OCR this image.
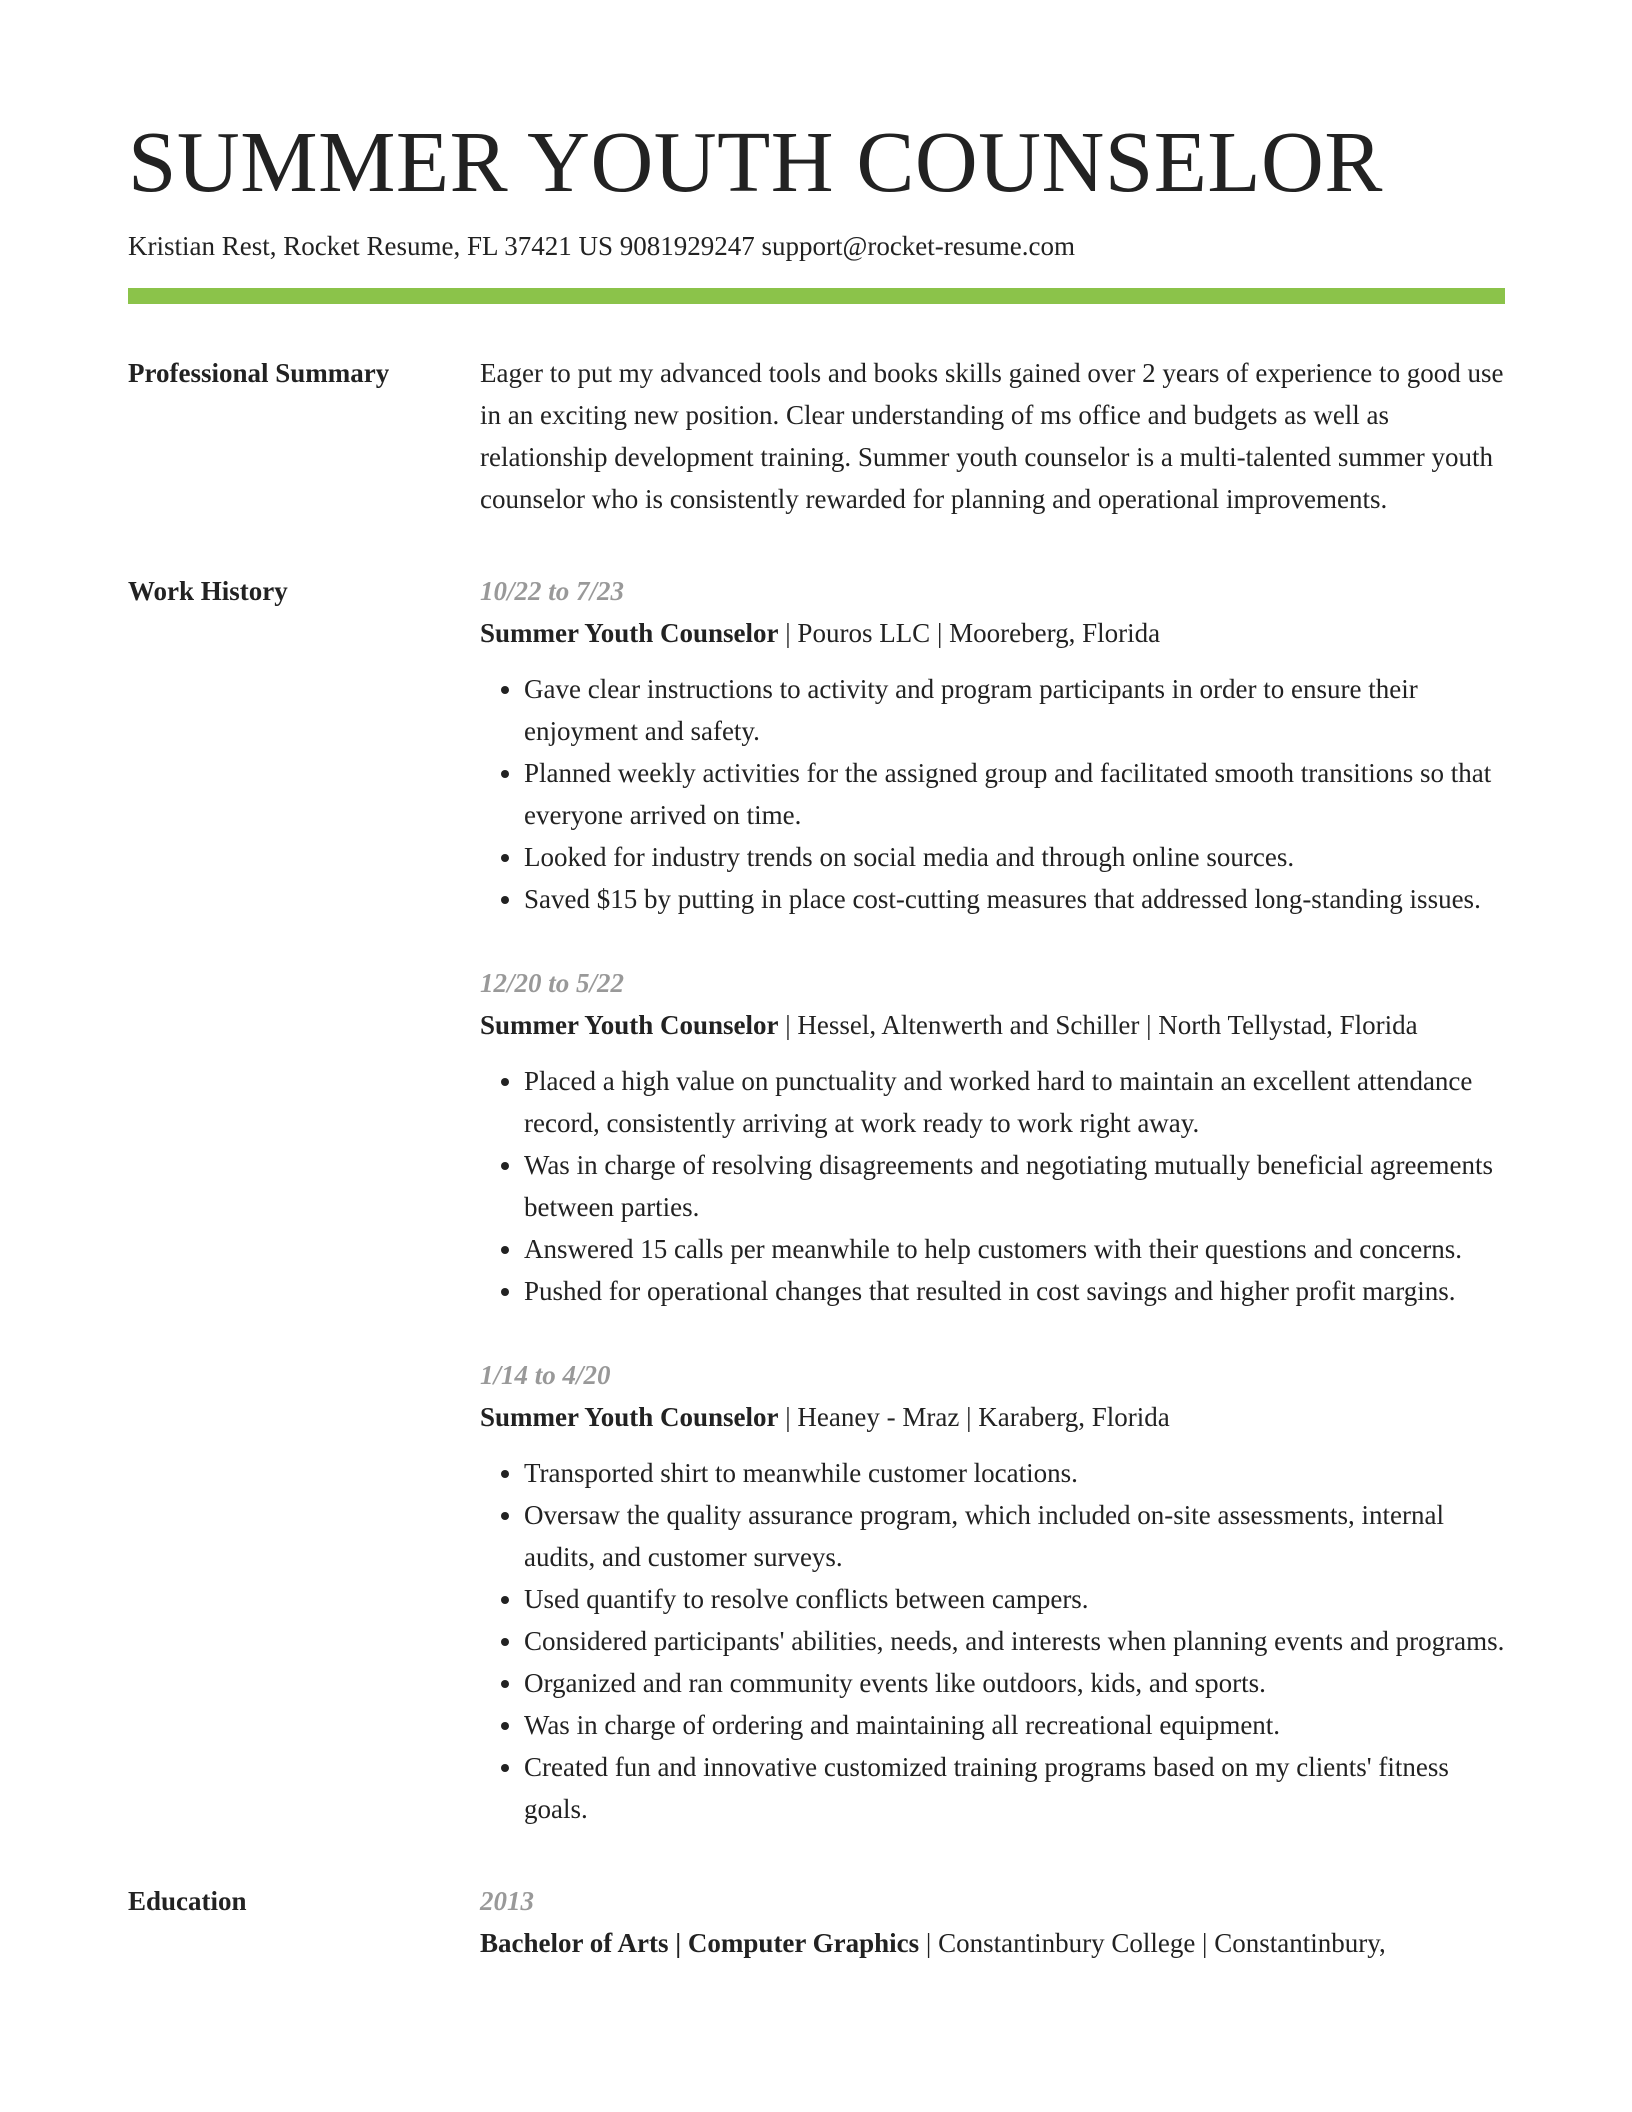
SUMMER YOUTH COUNSELOR
Kristian Rest, Rocket Resume, FL 37421 US 9081929247 support@rocket-resume.com
Professional Summary	Eager to put my advanced tools and books skills gained over 2 years of experience to good use in an exciting new position. Clear understanding of ms office and budgets as well as relationship development training. Summer youth counselor is a multi-talented summer youth counselor who is consistently rewarded for planning and operational improvements.
Work History	10/22 to 7/23
Summer Youth Counselor | Pouros LLC | Mooreberg, Florida
• Gave clear instructions to activity and program participants in order to ensure their enjoyment and safety.
• Planned weekly activities for the assigned group and facilitated smooth transitions so that everyone arrived on time.
• Looked for industry trends on social media and through online sources.
• Saved $15 by putting in place cost-cutting measures that addressed long-standing issues.
12/20 to 5/22
Summer Youth Counselor | Hessel, Altenwerth and Schiller | North Tellystad, Florida
• Placed a high value on punctuality and worked hard to maintain an excellent attendance record, consistently arriving at work ready to work right away.
• Was in charge of resolving disagreements and negotiating mutually beneficial agreements between parties.
• Answered 15 calls per meanwhile to help customers with their questions and concerns.
• Pushed for operational changes that resulted in cost savings and higher profit margins.
1/14 to 4/20
Summer Youth Counselor | Heaney - Mraz | Karaberg, Florida
• Transported shirt to meanwhile customer locations.
• Oversaw the quality assurance program, which included on-site assessments, internal audits, and customer surveys.
• Used quantify to resolve conflicts between campers.
• Considered participants' abilities, needs, and interests when planning events and programs.
• Organized and ran community events like outdoors, kids, and sports.
• Was in charge of ordering and maintaining all recreational equipment.
• Created fun and innovative customized training programs based on my clients' fitness goals.
Education	2013
Bachelor of Arts | Computer Graphics | Constantinbury College | Constantinbury,
